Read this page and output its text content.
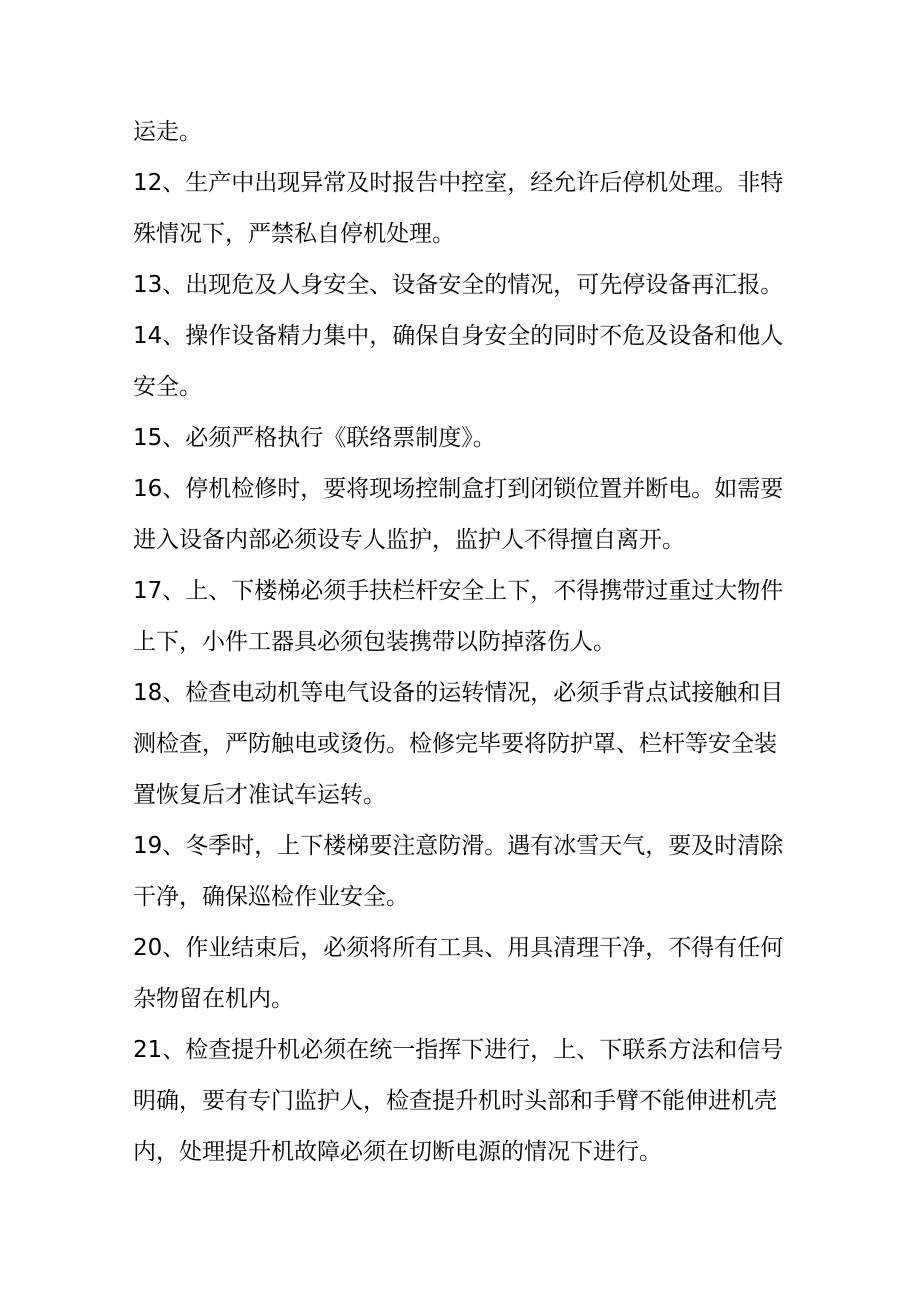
运走。
12、生产中出现异常及时报告中控室，经允许后停机处理。非特
殊情况下，严禁私自停机处理。
13、出现危及人身安全、设备安全的情况，可先停设备再汇报。
14、操作设备精力集中，确保自身安全的同时不危及设备和他人
安全。
15、必须严格执行《联络票制度》。
16、停机检修时，要将现场控制盒打到闭锁位置并断电。如需要
进入设备内部必须设专人监护，监护人不得擅自离开。
17、上、下楼梯必须手扶栏杆安全上下，不得携带过重过大物件
上下，小件工器具必须包装携带以防掉落伤人。
18、检查电动机等电气设备的运转情况，必须手背点试接触和目
测检查，严防触电或烫伤。检修完毕要将防护罩、栏杆等安全装
置恢复后才准试车运转。
19、冬季时，上下楼梯要注意防滑。遇有冰雪天气，要及时清除
干净，确保巡检作业安全。
20、作业结束后，必须将所有工具、用具清理干净，不得有任何
杂物留在机内。
21、检查提升机必须在统一指挥下进行，上、下联系方法和信号
明确，要有专门监护人，检查提升机时头部和手臂不能伸进机壳
内，处理提升机故障必须在切断电源的情况下进行。
